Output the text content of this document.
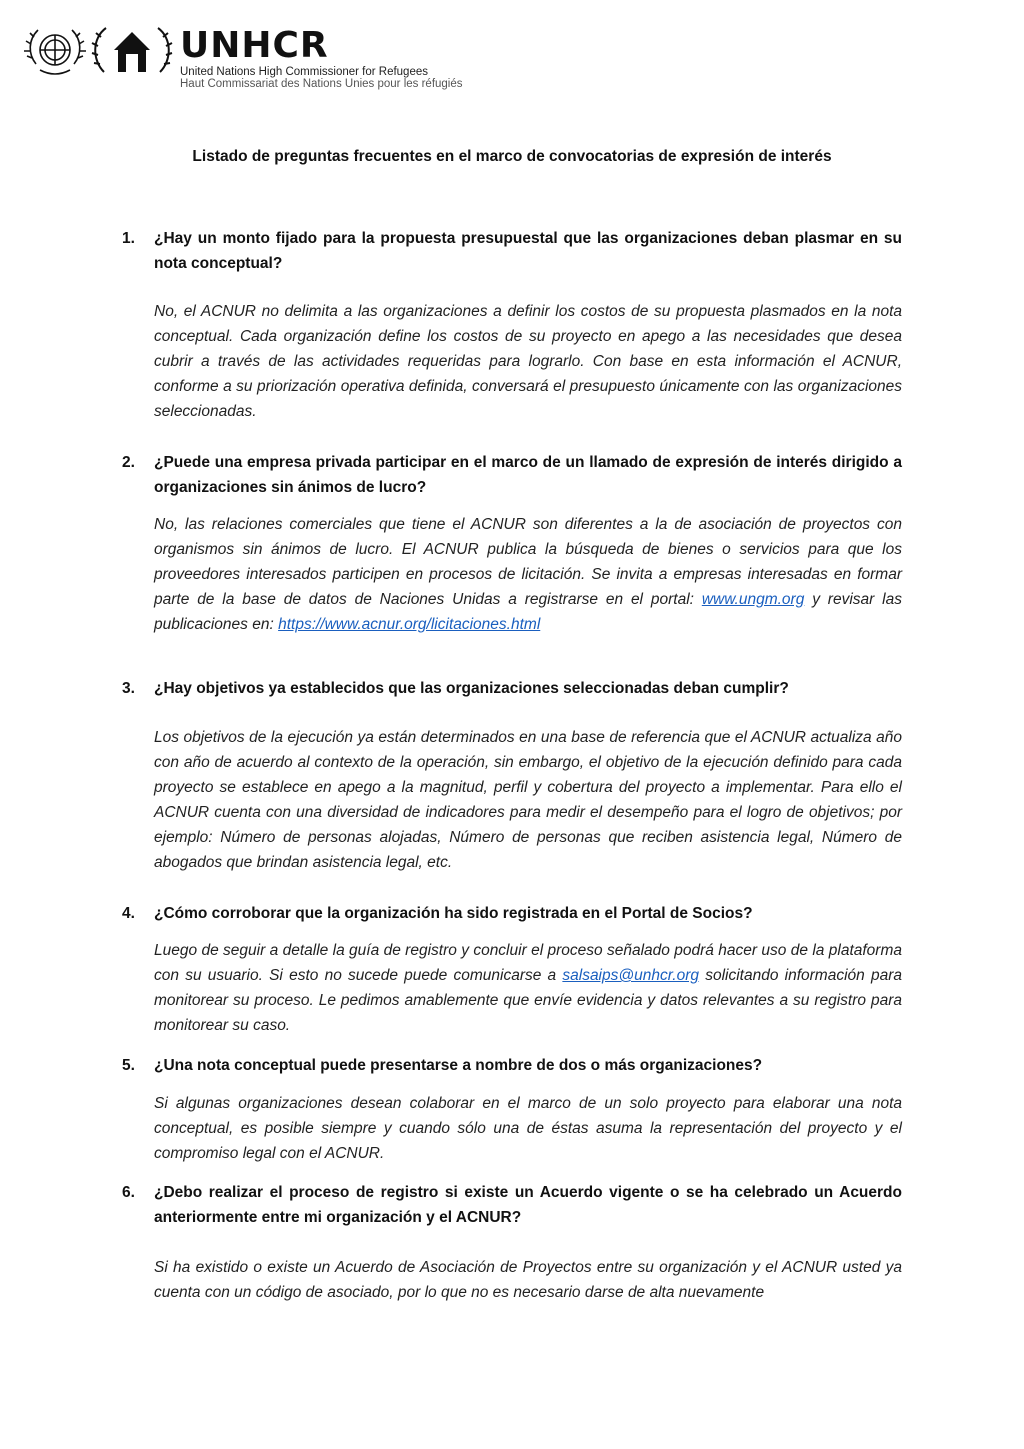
UNHCR
United Nations High Commissioner for Refugees
Haut Commissariat des Nations Unies pour les réfugiés
Listado de preguntas frecuentes en el marco de convocatorias de expresión de interés
1. ¿Hay un monto fijado para la propuesta presupuestal que las organizaciones deban plasmar en su nota conceptual?
No, el ACNUR no delimita a las organizaciones a definir los costos de su propuesta plasmados en la nota conceptual. Cada organización define los costos de su proyecto en apego a las necesidades que desea cubrir a través de las actividades requeridas para lograrlo. Con base en esta información el ACNUR, conforme a su priorización operativa definida, conversará el presupuesto únicamente con las organizaciones seleccionadas.
2. ¿Puede una empresa privada participar en el marco de un llamado de expresión de interés dirigido a organizaciones sin ánimos de lucro?
No, las relaciones comerciales que tiene el ACNUR son diferentes a la de asociación de proyectos con organismos sin ánimos de lucro. El ACNUR publica la búsqueda de bienes o servicios para que los proveedores interesados participen en procesos de licitación. Se invita a empresas interesadas en formar parte de la base de datos de Naciones Unidas a registrarse en el portal: www.ungm.org y revisar las publicaciones en: https://www.acnur.org/licitaciones.html
3. ¿Hay objetivos ya establecidos que las organizaciones seleccionadas deban cumplir?
Los objetivos de la ejecución ya están determinados en una base de referencia que el ACNUR actualiza año con año de acuerdo al contexto de la operación, sin embargo, el objetivo de la ejecución definido para cada proyecto se establece en apego a la magnitud, perfil y cobertura del proyecto a implementar. Para ello el ACNUR cuenta con una diversidad de indicadores para medir el desempeño para el logro de objetivos; por ejemplo: Número de personas alojadas, Número de personas que reciben asistencia legal, Número de abogados que brindan asistencia legal, etc.
4. ¿Cómo corroborar que la organización ha sido registrada en el Portal de Socios?
Luego de seguir a detalle la guía de registro y concluir el proceso señalado podrá hacer uso de la plataforma con su usuario. Si esto no sucede puede comunicarse a salsaips@unhcr.org solicitando información para monitorear su proceso. Le pedimos amablemente que envíe evidencia y datos relevantes a su registro para monitorear su caso.
5. ¿Una nota conceptual puede presentarse a nombre de dos o más organizaciones?
Si algunas organizaciones desean colaborar en el marco de un solo proyecto para elaborar una nota conceptual, es posible siempre y cuando sólo una de éstas asuma la representación del proyecto y el compromiso legal con el ACNUR.
6. ¿Debo realizar el proceso de registro si existe un Acuerdo vigente o se ha celebrado un Acuerdo anteriormente entre mi organización y el ACNUR?
Si ha existido o existe un Acuerdo de Asociación de Proyectos entre su organización y el ACNUR usted ya cuenta con un código de asociado, por lo que no es necesario darse de alta nuevamente
